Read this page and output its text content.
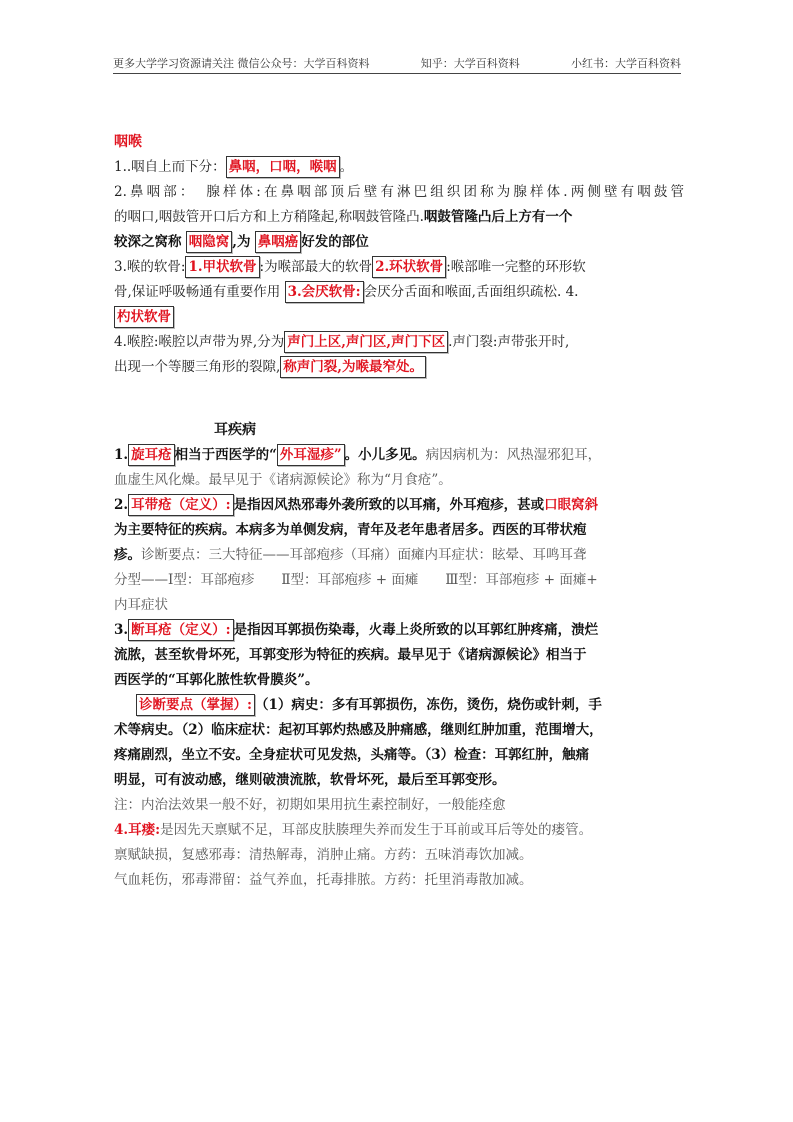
更多大学学习资源请关注 微信公众号：大学百科资料	知乎：大学百科资料	小红书：大学百科资料
咽喉
1..咽自上而下分： 鼻咽，口咽，喉咽 。
2.鼻咽部：　腺样体:在鼻咽部顶后壁有淋巴组织团称为腺样体.两侧壁有咽鼓管
的咽口,咽鼓管开口后方和上方稍隆起,称咽鼓管隆凸.咽鼓管隆凸后上方有一个
较深之窝称 咽隐窝 ,为 鼻咽癌 好发的部位
3.喉的软骨: 1.甲状软骨 :为喉部最大的软骨 2.环状软骨 :喉部唯一完整的环形软
骨,保证呼吸畅通有重要作用 3.会厌软骨: 会厌分舌面和喉面,舌面组织疏松. 4.
杓状软骨
4.喉腔:喉腔以声带为界,分为 声门上区,声门区,声门下区 .声门裂:声带张开时,
出现一个等腰三角形的裂隙, 称声门裂,为喉最窄处。
耳疾病
1. 旋耳疮 相当于西医学的“ 外耳湿疹” 。小儿多见。病因病机为：风热湿邪犯耳，
血虚生风化燥。最早见于《诸病源候论》称为“月食疮”。
2. 耳带疮（定义）: 是指因风热邪毒外袭所致的以耳痛，外耳疱疹，甚或口眼窝斜
为主要特征的疾病。本病多为单侧发病，青年及老年患者居多。西医的耳带状疱
疹。诊断要点：三大特征——耳部疱疹（耳痛）面瘫内耳症状：眩晕、耳鸣耳聋
分型——Ⅰ型：耳部疱疹　　Ⅱ型：耳部疱疹 + 面瘫　　Ⅲ型：耳部疱疹 + 面瘫+
内耳症状
3. 断耳疮（定义）: 是指因耳郭损伤染毒，火毒上炎所致的以耳郭红肿疼痛，溃烂
流脓，甚至软骨坏死，耳郭变形为特征的疾病。最早见于《诸病源候论》相当于
西医学的“耳郭化脓性软骨膜炎”。
诊断要点（掌握）: （1）病史：多有耳郭损伤，冻伤，烫伤，烧伤或针刺，手
术等病史。（2）临床症状：起初耳郭灼热感及肿痛感，继则红肿加重，范围增大，
疼痛剧烈，坐立不安。全身症状可见发热，头痛等。（3）检查：耳郭红肿，触痛
明显，可有波动感，继则破溃流脓，软骨坏死，最后至耳郭变形。
注：内治法效果一般不好，初期如果用抗生素控制好，一般能痊愈
4.耳瘘:是因先天禀赋不足，耳部皮肤腠理失养而发生于耳前或耳后等处的瘘管。
禀赋缺损，复感邪毒：清热解毒，消肿止痛。方药：五味消毒饮加减。
气血耗伤，邪毒滞留：益气养血，托毒排脓。方药：托里消毒散加减。
